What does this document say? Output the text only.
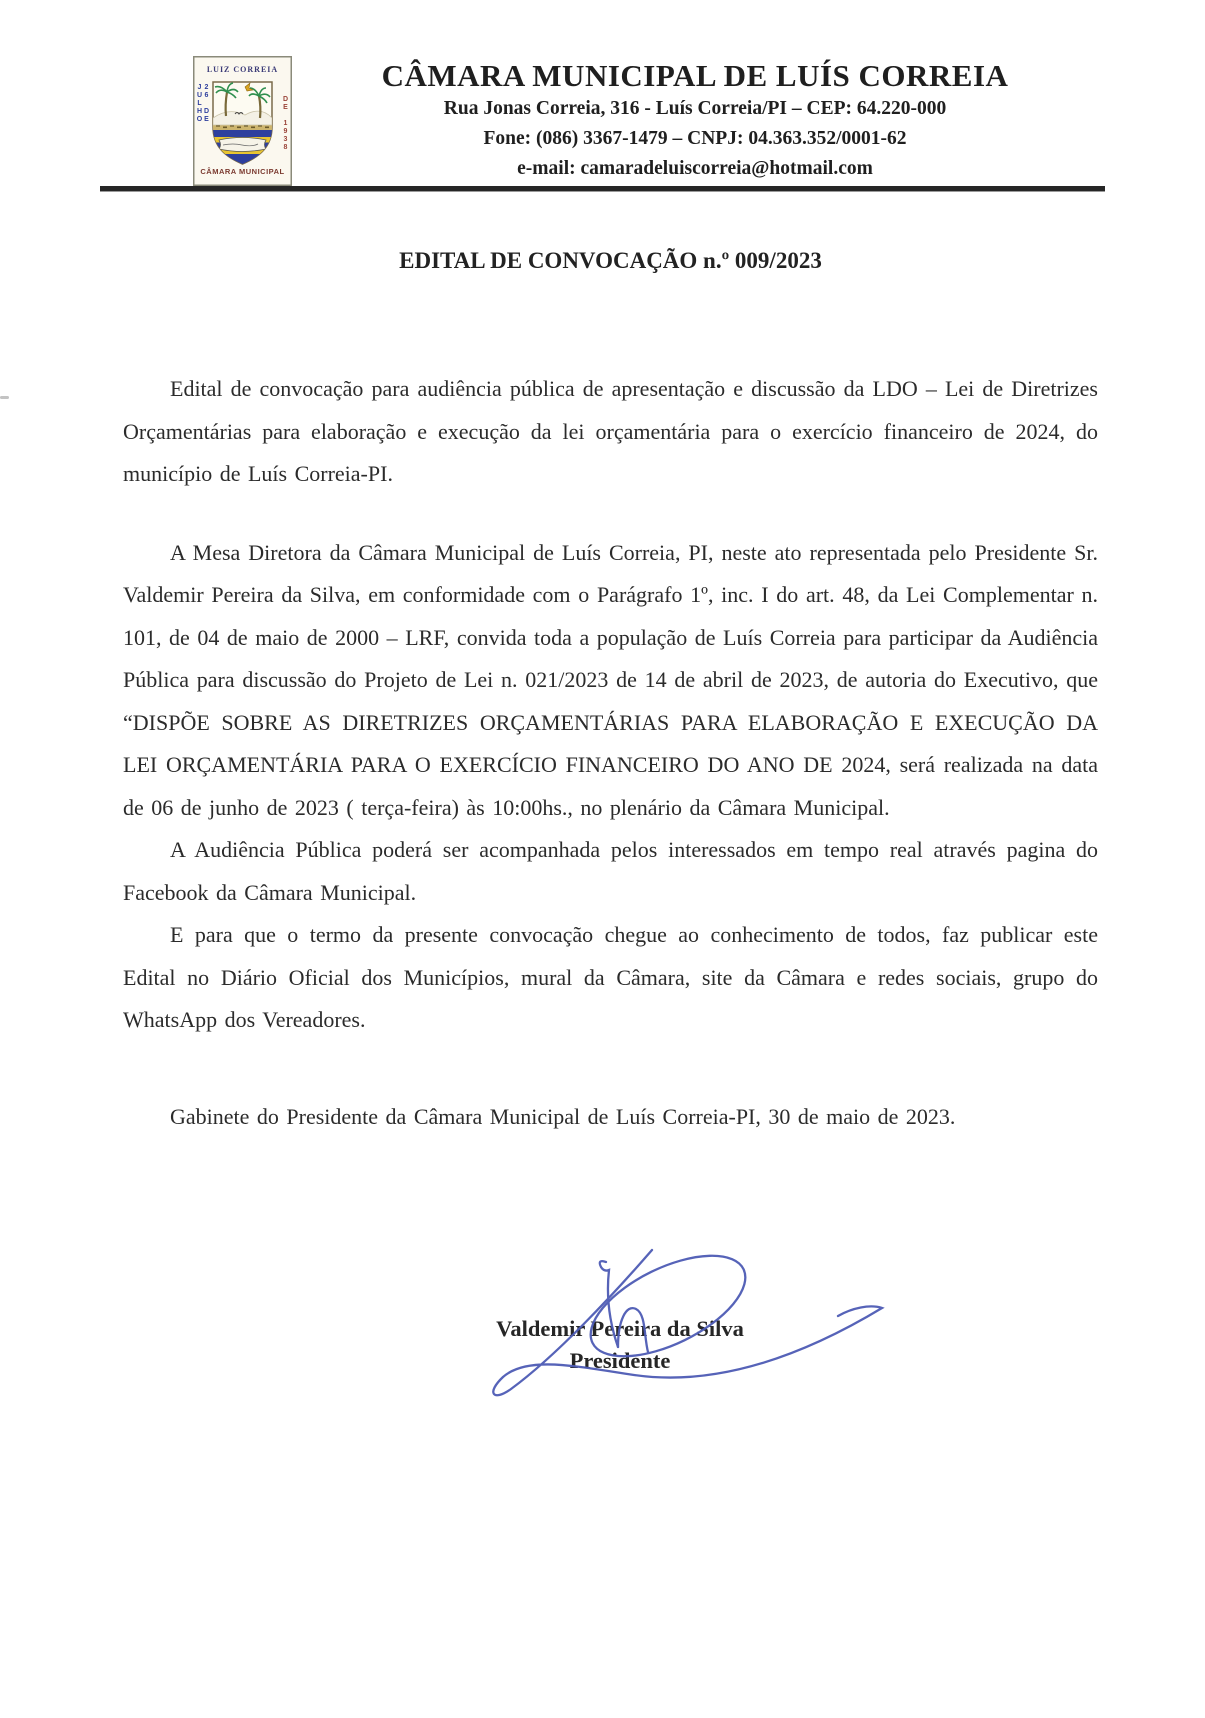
LUIZ CORREIA
26 DE JULHO	DE 1938
CÂMARA MUNICIPAL
CÂMARA MUNICIPAL DE LUÍS CORREIA
Rua Jonas Correia, 316 - Luís Correia/PI – CEP: 64.220-000
Fone: (086) 3367-1479 – CNPJ: 04.363.352/0001-62
e-mail: camaradeluiscorreia@hotmail.com
EDITAL DE CONVOCAÇÃO n.º 009/2023

Edital de convocação para audiência pública de apresentação e discussão da LDO – Lei de Diretrizes Orçamentárias para elaboração e execução da lei orçamentária para o exercício financeiro de 2024, do município de Luís Correia-PI.

A Mesa Diretora da Câmara Municipal de Luís Correia, PI, neste ato representada pelo Presidente Sr. Valdemir Pereira da Silva, em conformidade com o Parágrafo 1º, inc. I do art. 48, da Lei Complementar n. 101, de 04 de maio de 2000 – LRF, convida toda a população de Luís Correia para participar da Audiência Pública para discussão do Projeto de Lei n. 021/2023 de 14 de abril de 2023, de autoria do Executivo, que “DISPÕE SOBRE AS DIRETRIZES ORÇAMENTÁRIAS PARA ELABORAÇÃO E EXECUÇÃO DA LEI ORÇAMENTÁRIA PARA O EXERCÍCIO FINANCEIRO DO ANO DE 2024, será realizada na data de 06 de junho de 2023 ( terça-feira) às 10:00hs., no plenário da Câmara Municipal.

A Audiência Pública poderá ser acompanhada pelos interessados em tempo real através pagina do Facebook da Câmara Municipal.

E para que o termo da presente convocação chegue ao conhecimento de todos, faz publicar este Edital no Diário Oficial dos Municípios, mural da Câmara, site da Câmara e redes sociais, grupo do WhatsApp dos Vereadores.

Gabinete do Presidente da Câmara Municipal de Luís Correia-PI, 30 de maio de 2023.

Valdemir Pereira da Silva
Presidente
